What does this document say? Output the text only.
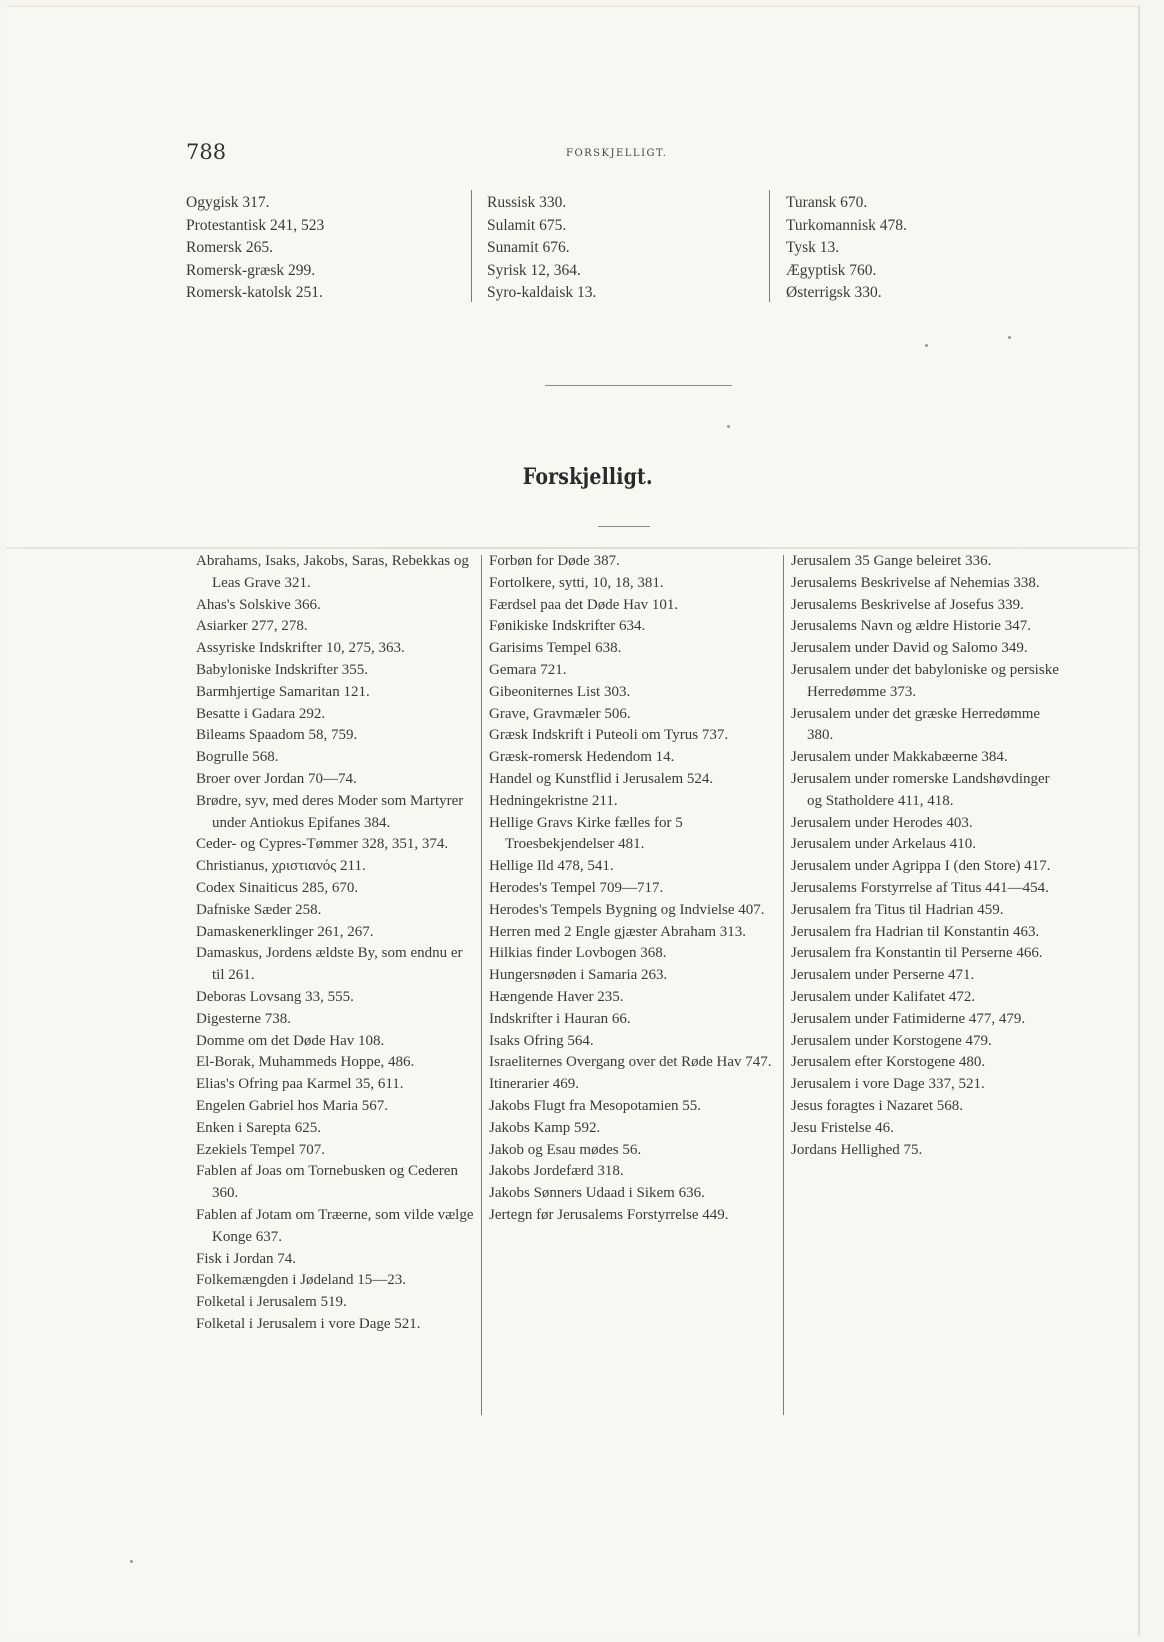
788	FORSKJELLIGT.

Ogygisk 317.

Protestantisk 241, 523

Romersk 265.

Romersk-græsk 299.

Romersk-katolsk 251.

Russisk 330.

Sulamit 675.

Sunamit 676.

Syrisk 12, 364.

Syro-kaldaisk 13.

Turansk 670.

Turkomannisk 478.

Tysk 13.

Ægyptisk 760.

Østerrigsk 330.

Forskjelligt.

Abrahams, Isaks, Jakobs, Saras, Rebekkas og Leas Grave 321.

Ahas's Solskive 366.

Asiarker 277, 278.

Assyriske Indskrifter 10, 275, 363.

Babyloniske Indskrifter 355.

Barmhjertige Samaritan 121.

Besatte i Gadara 292.

Bileams Spaadom 58, 759.

Bogrulle 568.

Broer over Jordan 70—74.

Brødre, syv, med deres Moder som Martyrer under Antiokus Epifanes 384.

Ceder- og Cypres-Tømmer 328, 351, 374.

Christianus, χριστιανός 211.

Codex Sinaiticus 285, 670.

Dafniske Sæder 258.

Damaskenerklinger 261, 267.

Damaskus, Jordens ældste By, som endnu er til 261.

Deboras Lovsang 33, 555.

Digesterne 738.

Domme om det Døde Hav 108.

El-Borak, Muhammeds Hoppe, 486.

Elias's Ofring paa Karmel 35, 611.

Engelen Gabriel hos Maria 567.

Enken i Sarepta 625.

Ezekiels Tempel 707.

Fablen af Joas om Tornebusken og Cederen 360.

Fablen af Jotam om Træerne, som vilde vælge Konge 637.

Fisk i Jordan 74.

Folkemængden i Jødeland 15—23.

Folketal i Jerusalem 519.

Folketal i Jerusalem i vore Dage 521.

Forbøn for Døde 387.

Fortolkere, sytti, 10, 18, 381.

Færdsel paa det Døde Hav 101.

Fønikiske Indskrifter 634.

Garisims Tempel 638.

Gemara 721.

Gibeoniternes List 303.

Grave, Gravmæler 506.

Græsk Indskrift i Puteoli om Tyrus 737.

Græsk-romersk Hedendom 14.

Handel og Kunstflid i Jerusalem 524.

Hedningekristne 211.

Hellige Gravs Kirke fælles for 5 Troesbekjendelser 481.

Hellige Ild 478, 541.

Herodes's Tempel 709—717.

Herodes's Tempels Bygning og Indvielse 407.

Herren med 2 Engle gjæster Abraham 313.

Hilkias finder Lovbogen 368.

Hungersnøden i Samaria 263.

Hængende Haver 235.

Indskrifter i Hauran 66.

Isaks Ofring 564.

Israeliternes Overgang over det Røde Hav 747.

Itinerarier 469.

Jakobs Flugt fra Mesopotamien 55.

Jakobs Kamp 592.

Jakob og Esau mødes 56.

Jakobs Jordefærd 318.

Jakobs Sønners Udaad i Sikem 636.

Jertegn før Jerusalems Forstyrrelse 449.

Jerusalem 35 Gange beleiret 336.

Jerusalems Beskrivelse af Nehemias 338.

Jerusalems Beskrivelse af Josefus 339.

Jerusalems Navn og ældre Historie 347.

Jerusalem under David og Salomo 349.

Jerusalem under det babyloniske og persiske Herredømme 373.

Jerusalem under det græske Herredømme 380.

Jerusalem under Makkabæerne 384.

Jerusalem under romerske Landshøvdinger og Statholdere 411, 418.

Jerusalem under Herodes 403.

Jerusalem under Arkelaus 410.

Jerusalem under Agrippa I (den Store) 417.

Jerusalems Forstyrrelse af Titus 441—454.

Jerusalem fra Titus til Hadrian 459.

Jerusalem fra Hadrian til Konstantin 463.

Jerusalem fra Konstantin til Perserne 466.

Jerusalem under Perserne 471.

Jerusalem under Kalifatet 472.

Jerusalem under Fatimiderne 477, 479.

Jerusalem under Korstogene 479.

Jerusalem efter Korstogene 480.

Jerusalem i vore Dage 337, 521.

Jesus foragtes i Nazaret 568.

Jesu Fristelse 46.

Jordans Hellighed 75.
